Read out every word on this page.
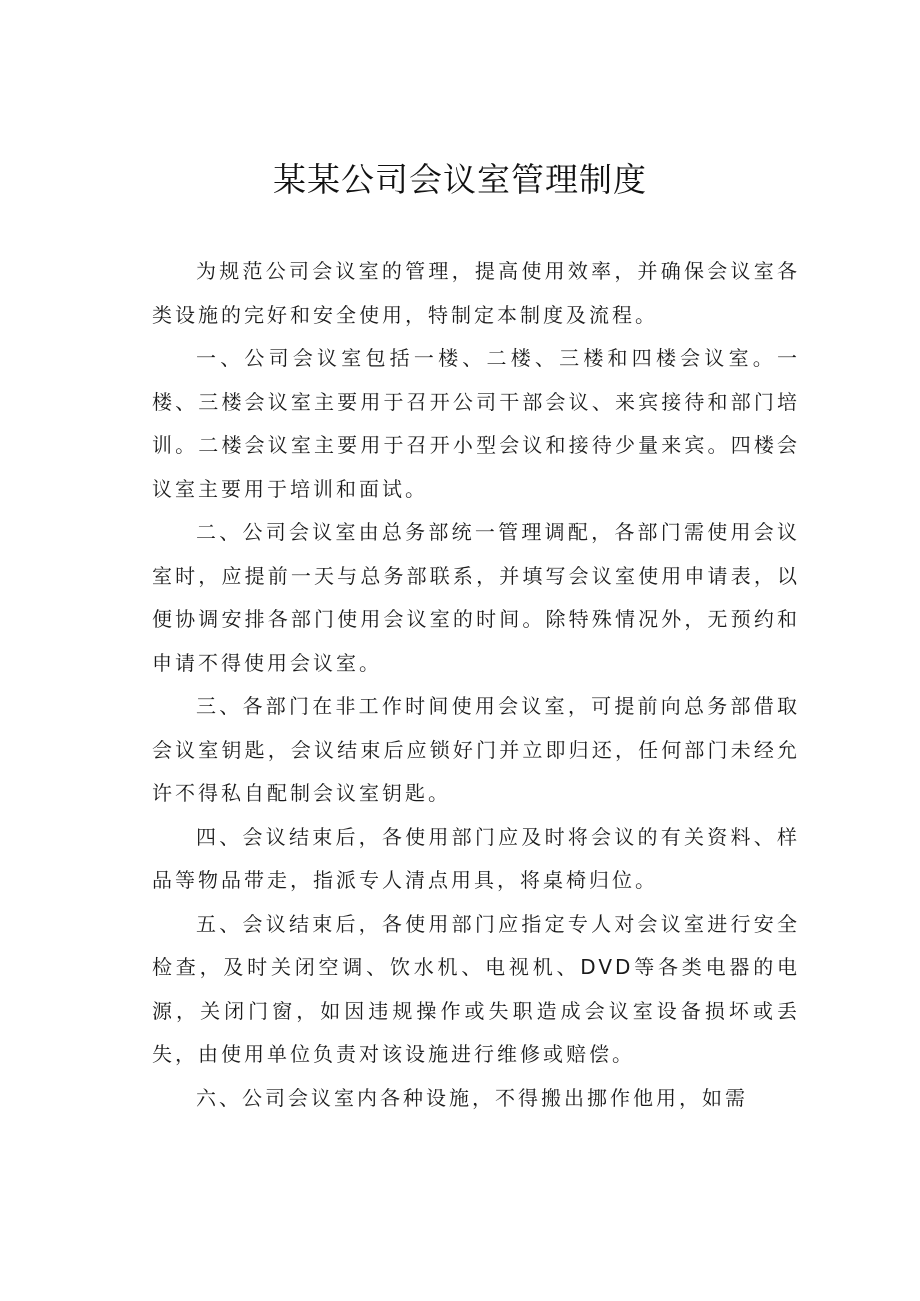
某某公司会议室管理制度

为规范公司会议室的管理，提高使用效率，并确保会议室各类设施的完好和安全使用，特制定本制度及流程。

一、公司会议室包括一楼、二楼、三楼和四楼会议室。一楼、三楼会议室主要用于召开公司干部会议、来宾接待和部门培训。二楼会议室主要用于召开小型会议和接待少量来宾。四楼会议室主要用于培训和面试。

二、公司会议室由总务部统一管理调配，各部门需使用会议室时，应提前一天与总务部联系，并填写会议室使用申请表，以便协调安排各部门使用会议室的时间。除特殊情况外，无预约和申请不得使用会议室。

三、各部门在非工作时间使用会议室，可提前向总务部借取会议室钥匙，会议结束后应锁好门并立即归还，任何部门未经允许不得私自配制会议室钥匙。

四、会议结束后，各使用部门应及时将会议的有关资料、样品等物品带走，指派专人清点用具，将桌椅归位。

五、会议结束后，各使用部门应指定专人对会议室进行安全检查，及时关闭空调、饮水机、电视机、DVD等各类电器的电源，关闭门窗，如因违规操作或失职造成会议室设备损坏或丢失，由使用单位负责对该设施进行维修或赔偿。

六、公司会议室内各种设施，不得搬出挪作他用，如需
